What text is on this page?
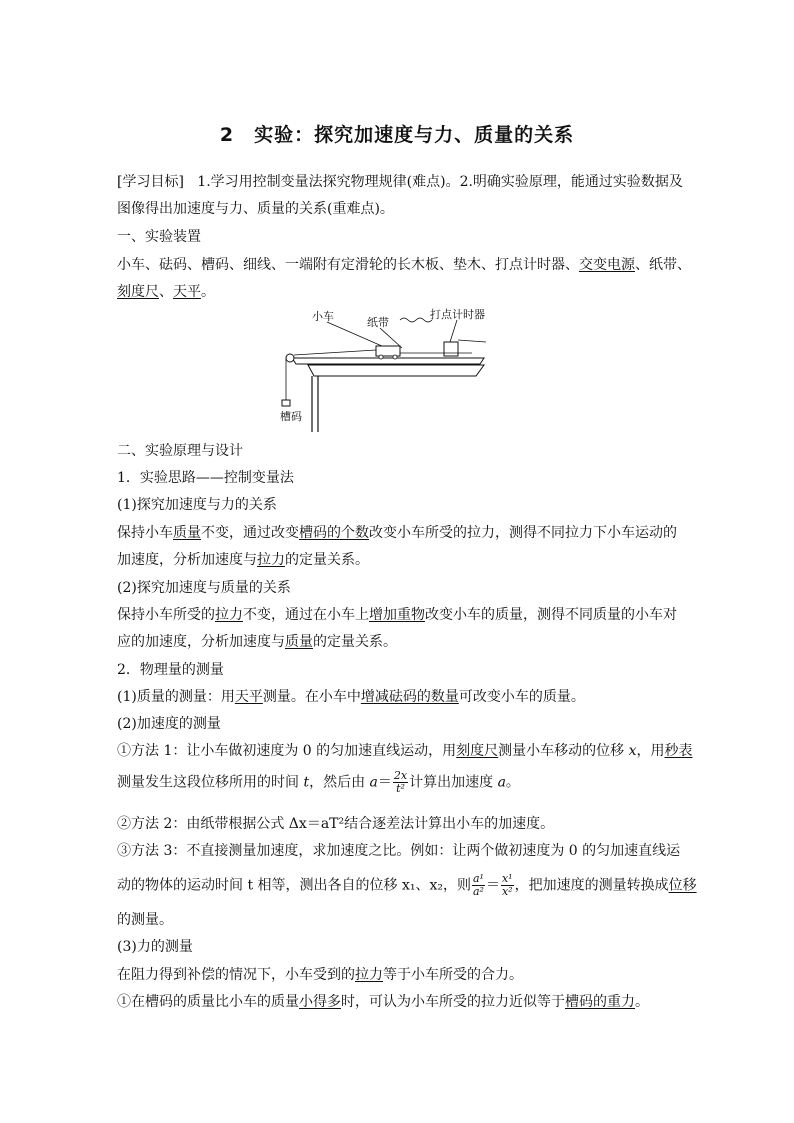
2　实验：探究加速度与力、质量的关系
[学习目标] 1.学习用控制变量法探究物理规律(难点)。2.明确实验原理，能通过实验数据及
图像得出加速度与力、质量的关系(重难点)。
一、实验装置
小车、砝码、槽码、细线、一端附有定滑轮的长木板、垫木、打点计时器、交变电源、纸带、
刻度尺、天平。
小车	纸带
打点计时器
槽码
二、实验原理与设计
1．实验思路——控制变量法
(1)探究加速度与力的关系
保持小车质量不变，通过改变槽码的个数改变小车所受的拉力，测得不同拉力下小车运动的
加速度，分析加速度与拉力的定量关系。
(2)探究加速度与质量的关系
保持小车所受的拉力不变，通过在小车上增加重物改变小车的质量，测得不同质量的小车对
应的加速度，分析加速度与质量的定量关系。
2．物理量的测量
(1)质量的测量：用天平测量。在小车中增减砝码的数量可改变小车的质量。
(2)加速度的测量
①方法 1：让小车做初速度为 0 的匀加速直线运动，用刻度尺测量小车移动的位移 x，用秒表
测量发生这段位移所用的时间 t，然后由 $a= \frac{2x}{\text{t²}}$ 计算出加速度 a。
②方法 2：由纸带根据公式 Δx＝aT²结合逐差法计算出小车的加速度。
③方法 3：不直接测量加速度，求加速度之比。例如：让两个做初速度为 0 的匀加速直线运
动的物体的运动时间 t 相等，测出各自的位移 x₁、x₂，则 $\frac{\text{a¹}}{\text{a²}} = \frac{\text{x¹}}{\text{x²}}$ ，把加速度的测量转换成位移
的测量。
(3)力的测量
在阻力得到补偿的情况下，小车受到的拉力等于小车所受的合力。
①在槽码的质量比小车的质量小得多时，可认为小车所受的拉力近似等于槽码的重力。
